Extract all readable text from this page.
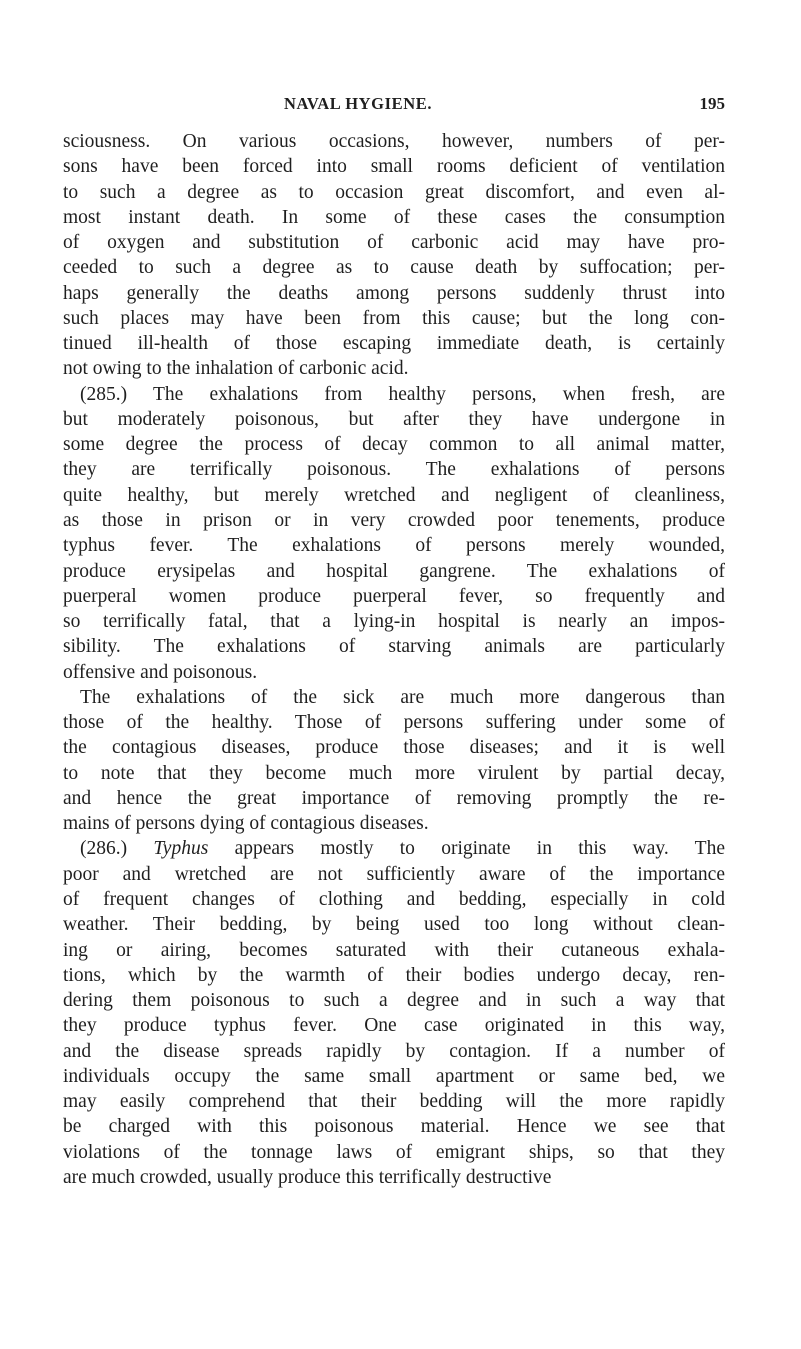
NAVAL HYGIENE.	195
sciousness. On various occasions, however, numbers of per-
sons have been forced into small rooms deficient of ventilation
to such a degree as to occasion great discomfort, and even al-
most instant death. In some of these cases the consumption
of oxygen and substitution of carbonic acid may have pro-
ceeded to such a degree as to cause death by suffocation; per-
haps generally the deaths among persons suddenly thrust into
such places may have been from this cause; but the long con-
tinued ill-health of those escaping immediate death, is certainly
not owing to the inhalation of carbonic acid.
(285.) The exhalations from healthy persons, when fresh, are
but moderately poisonous, but after they have undergone in
some degree the process of decay common to all animal matter,
they are terrifically poisonous. The exhalations of persons
quite healthy, but merely wretched and negligent of cleanliness,
as those in prison or in very crowded poor tenements, produce
typhus fever. The exhalations of persons merely wounded,
produce erysipelas and hospital gangrene. The exhalations of
puerperal women produce puerperal fever, so frequently and
so terrifically fatal, that a lying-in hospital is nearly an impos-
sibility. The exhalations of starving animals are particularly
offensive and poisonous.
The exhalations of the sick are much more dangerous than
those of the healthy. Those of persons suffering under some of
the contagious diseases, produce those diseases; and it is well
to note that they become much more virulent by partial decay,
and hence the great importance of removing promptly the re-
mains of persons dying of contagious diseases.
(286.) Typhus appears mostly to originate in this way. The
poor and wretched are not sufficiently aware of the importance
of frequent changes of clothing and bedding, especially in cold
weather. Their bedding, by being used too long without clean-
ing or airing, becomes saturated with their cutaneous exhala-
tions, which by the warmth of their bodies undergo decay, ren-
dering them poisonous to such a degree and in such a way that
they produce typhus fever. One case originated in this way,
and the disease spreads rapidly by contagion. If a number of
individuals occupy the same small apartment or same bed, we
may easily comprehend that their bedding will the more rapidly
be charged with this poisonous material. Hence we see that
violations of the tonnage laws of emigrant ships, so that they
are much crowded, usually produce this terrifically destructive
